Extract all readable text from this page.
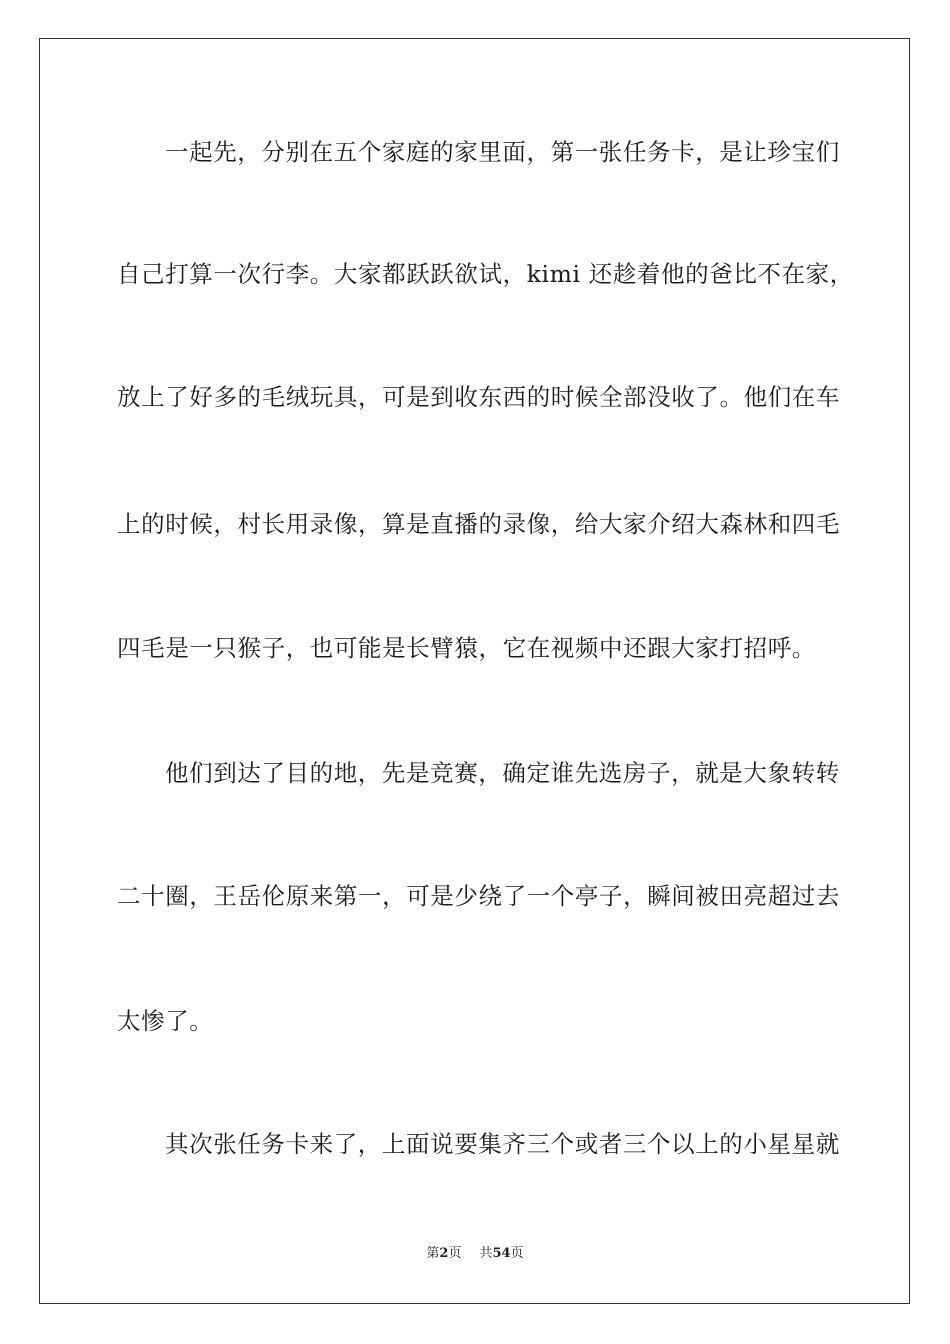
一起先，分别在五个家庭的家里面，第一张任务卡，是让珍宝们
自己打算一次行李。大家都跃跃欲试，kimi 还趁着他的爸比不在家，
放上了好多的毛绒玩具，可是到收东西的时候全部没收了。他们在车
上的时候，村长用录像，算是直播的录像，给大家介绍大森林和四毛
四毛是一只猴子，也可能是长臂猿，它在视频中还跟大家打招呼。
他们到达了目的地，先是竞赛，确定谁先选房子，就是大象转转
二十圈，王岳伦原来第一，可是少绕了一个亭子，瞬间被田亮超过去
太惨了。
其次张任务卡来了，上面说要集齐三个或者三个以上的小星星就
第2页 共54页
